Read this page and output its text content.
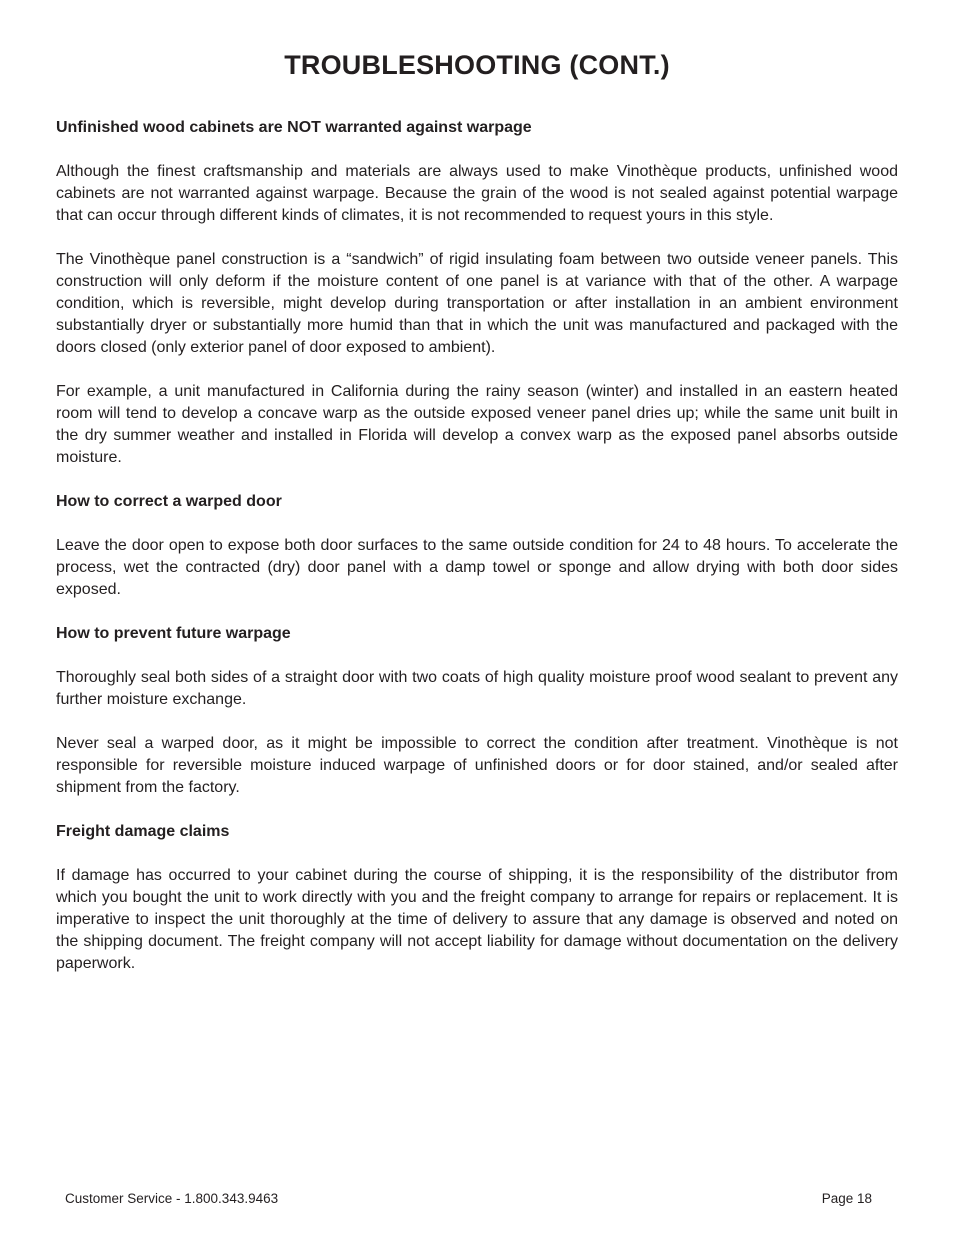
TROUBLESHOOTING (CONT.)

Unfinished wood cabinets are NOT warranted against warpage

Although the finest craftsmanship and materials are always used to make Vinothèque products, unfinished wood cabinets are not warranted against warpage. Because the grain of the wood is not sealed against potential warpage that can occur through different kinds of climates, it is not recommended to request yours in this style.

The Vinothèque panel construction is a “sandwich” of rigid insulating foam between two outside veneer panels. This construction will only deform if the moisture content of one panel is at variance with that of the other. A warpage condition, which is reversible, might develop during transportation or after installation in an ambient environment substantially dryer or substantially more humid than that in which the unit was manufactured and packaged with the doors closed (only exterior panel of door exposed to ambient).

For example, a unit manufactured in California during the rainy season (winter) and installed in an eastern heated room will tend to develop a concave warp as the outside exposed veneer panel dries up; while the same unit built in the dry summer weather and installed in Florida will develop a convex warp as the exposed panel absorbs outside moisture.

How to correct a warped door

Leave the door open to expose both door surfaces to the same outside condition for 24 to 48 hours. To accelerate the process, wet the contracted (dry) door panel with a damp towel or sponge and allow drying with both door sides exposed.

How to prevent future warpage

Thoroughly seal both sides of a straight door with two coats of high quality moisture proof wood sealant to prevent any further moisture exchange.

Never seal a warped door, as it might be impossible to correct the condition after treatment. Vinothèque is not responsible for reversible moisture induced warpage of unfinished doors or for door stained, and/or sealed after shipment from the factory.

Freight damage claims

If damage has occurred to your cabinet during the course of shipping, it is the responsibility of the distributor from which you bought the unit to work directly with you and the freight company to arrange for repairs or replacement. It is imperative to inspect the unit thoroughly at the time of delivery to assure that any damage is observed and noted on the shipping document. The freight company will not accept liability for damage without documentation on the delivery paperwork.

Customer Service - 1.800.343.9463	Page 18
